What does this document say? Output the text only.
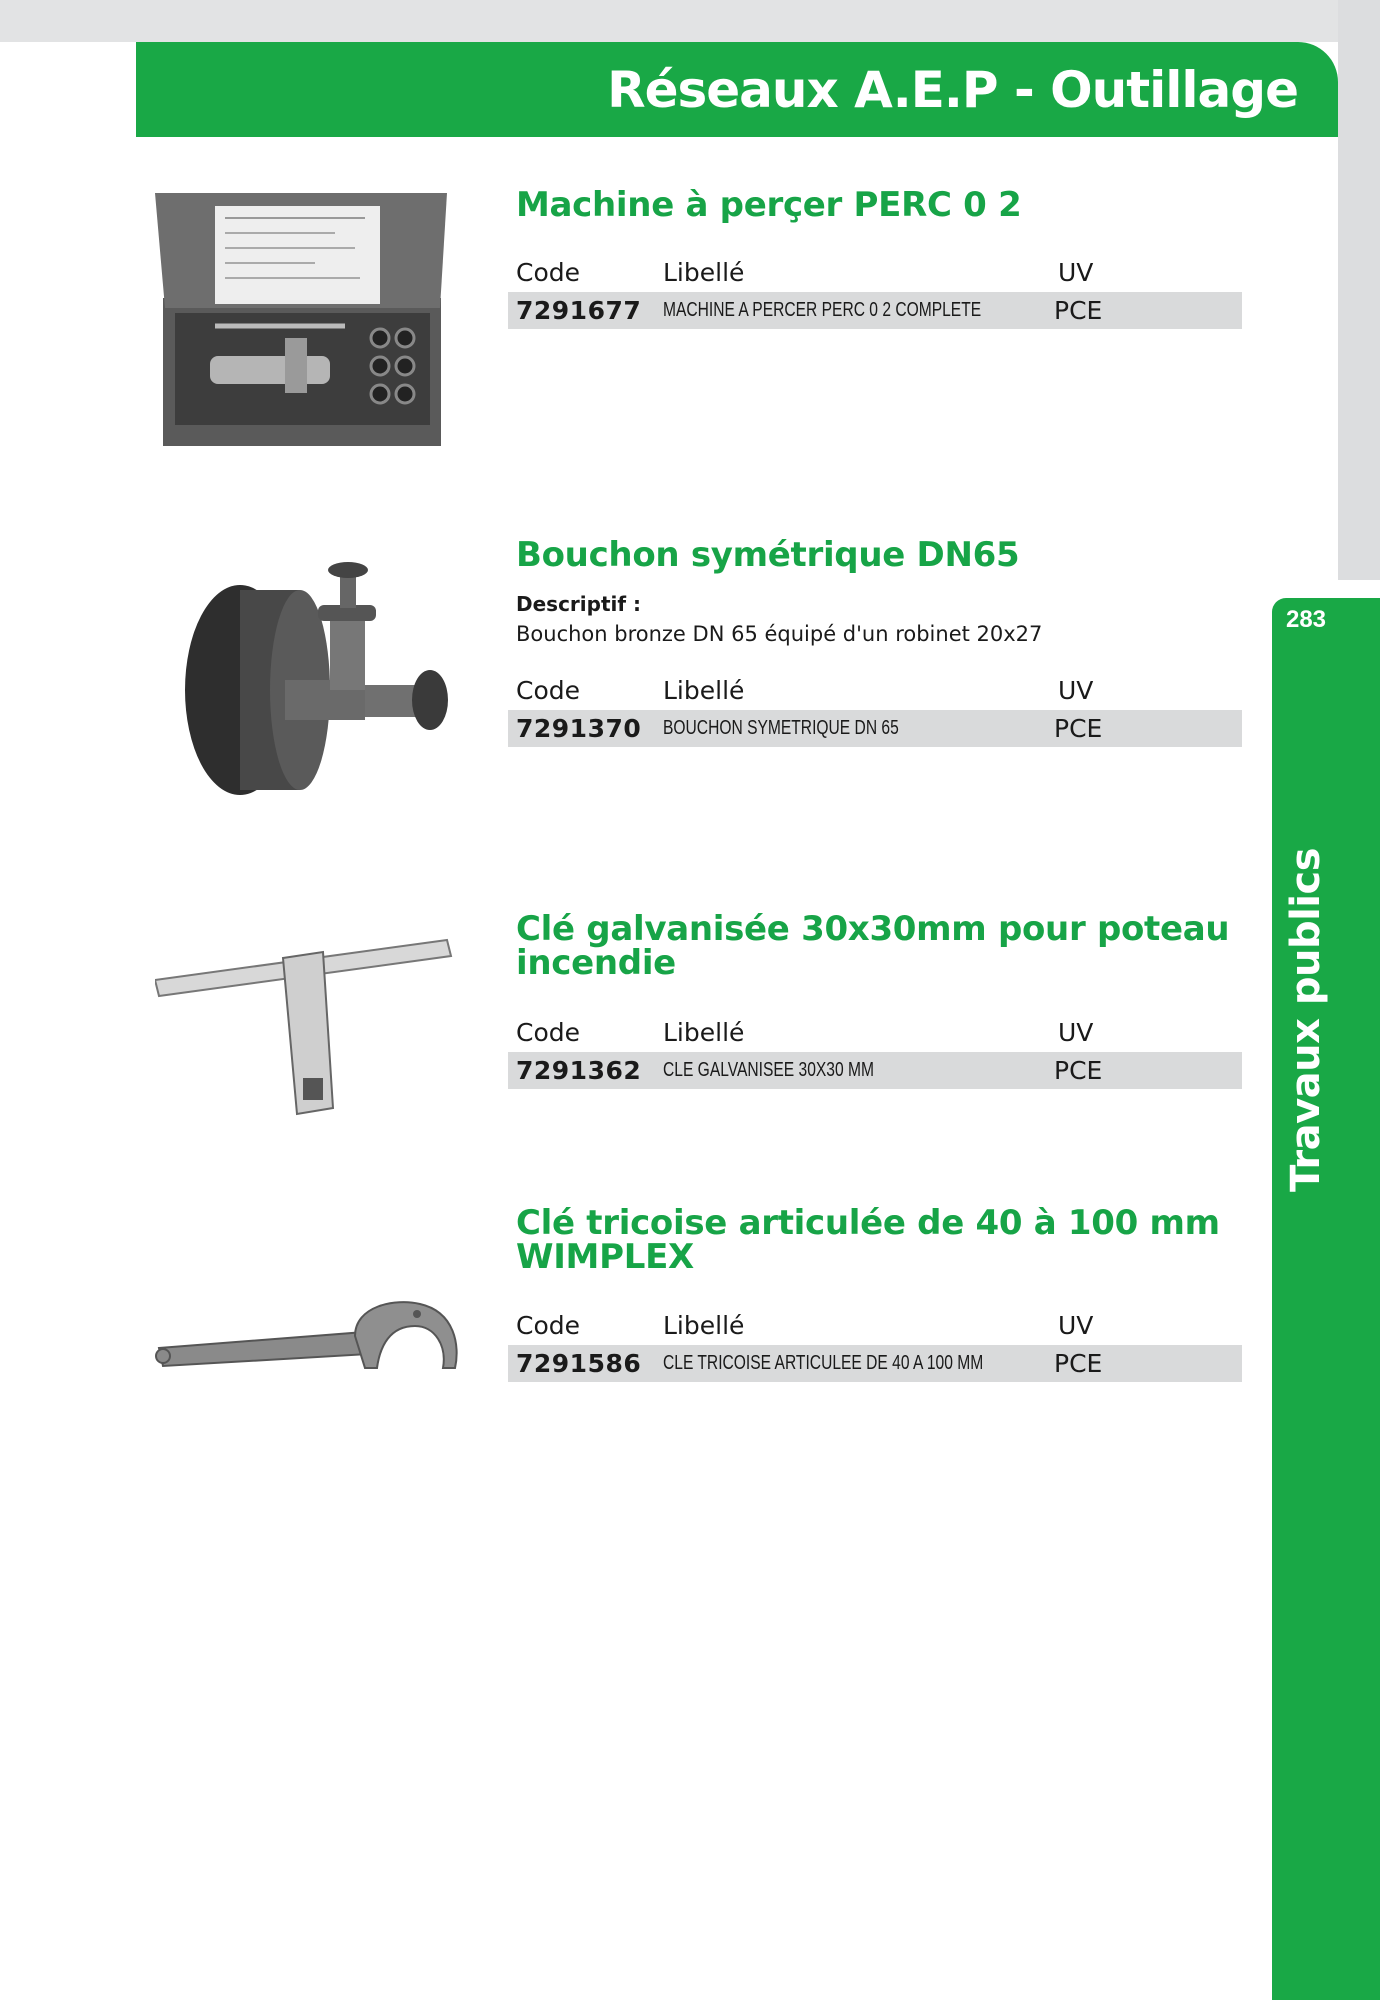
Réseaux A.E.P - Outillage
283
Travaux publics
Machine à perçer PERC 0 2
Code	Libellé	UV
7291677 MACHINE A PERCER PERC 0 2 COMPLETE	PCE
Bouchon symétrique DN65
Descriptif :
Bouchon bronze DN 65 équipé d'un robinet 20x27
Code	Libellé	UV
7291370 BOUCHON SYMETRIQUE DN 65	PCE
Clé galvanisée 30x30mm pour poteau
incendie
Code	Libellé	UV
7291362 CLE GALVANISEE 30X30 MM	PCE
Clé tricoise articulée de 40 à 100 mm
WIMPLEX
Code	Libellé	UV
7291586 CLE TRICOISE ARTICULEE DE 40 A 100 MM	PCE
